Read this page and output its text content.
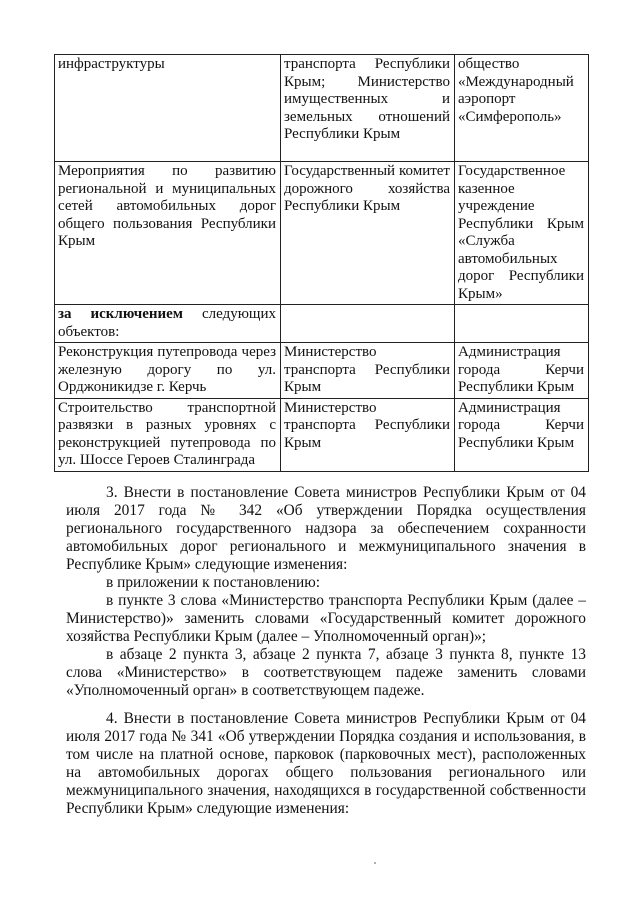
инфраструктуры	транспорта Республики Крым; Министерство имущественных и земельных отношений Республики Крым	общество «Международный аэропорт «Симферополь»
Мероприятия по развитию региональной и муниципальных сетей автомобильных дорог общего пользования Республики Крым	Государственный комитет дорожного хозяйства Республики Крым	Государственное казенное учреждение Республики Крым «Служба автомобильных дорог Республики Крым»
за исключением следующих объектов:		
Реконструкция путепровода через железную дорогу по ул. Орджоникидзе г. Керчь	Министерство транспорта Республики Крым	Администрация города Керчи Республики Крым
Строительство транспортной развязки в разных уровнях с реконструкцией путепровода по ул. Шоссе Героев Сталинграда	Министерство транспорта Республики Крым	Администрация города Керчи Республики Крым

3. Внести в постановление Совета министров Республики Крым от 04 июля 2017 года № 342 «Об утверждении Порядка осуществления регионального государственного надзора за обеспечением сохранности автомобильных дорог регионального и межмуниципального значения в Республике Крым» следующие изменения:

в приложении к постановлению:

в пункте 3 слова «Министерство транспорта Республики Крым (далее – Министерство)» заменить словами «Государственный комитет дорожного хозяйства Республики Крым (далее – Уполномоченный орган)»;

в абзаце 2 пункта 3, абзаце 2 пункта 7, абзаце 3 пункта 8, пункте 13 слова «Министерство» в соответствующем падеже заменить словами «Уполномоченный орган» в соответствующем падеже.

4. Внести в постановление Совета министров Республики Крым от 04 июля 2017 года № 341 «Об утверждении Порядка создания и использования, в том числе на платной основе, парковок (парковочных мест), расположенных на автомобильных дорогах общего пользования регионального или межмуниципального значения, находящихся в государственной собственности Республики Крым» следующие изменения:
